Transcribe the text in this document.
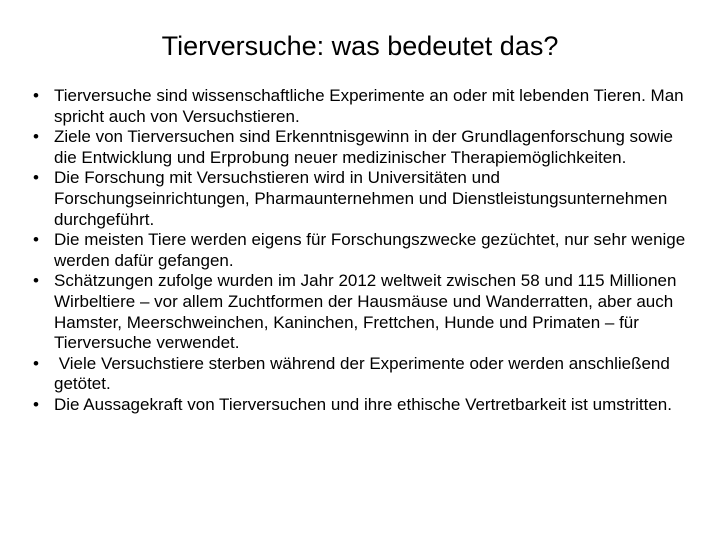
Tierversuche: was bedeutet das?
• Tierversuche sind wissenschaftliche Experimente an oder mit lebenden Tieren. Man spricht auch von Versuchstieren.
• Ziele von Tierversuchen sind Erkenntnisgewinn in der Grundlagenforschung sowie die Entwicklung und Erprobung neuer medizinischer Therapiemöglichkeiten.
• Die Forschung mit Versuchstieren wird in Universitäten und Forschungseinrichtungen, Pharmaunternehmen und Dienstleistungsunternehmen durchgeführt.
• Die meisten Tiere werden eigens für Forschungszwecke gezüchtet, nur sehr wenige werden dafür gefangen.
• Schätzungen zufolge wurden im Jahr 2012 weltweit zwischen 58 und 115 Millionen Wirbeltiere – vor allem Zuchtformen der Hausmäuse und Wanderratten, aber auch Hamster, Meerschweinchen, Kaninchen, Frettchen, Hunde und Primaten – für Tierversuche verwendet.
• Viele Versuchstiere sterben während der Experimente oder werden anschließend getötet.
• Die Aussagekraft von Tierversuchen und ihre ethische Vertretbarkeit ist umstritten.
